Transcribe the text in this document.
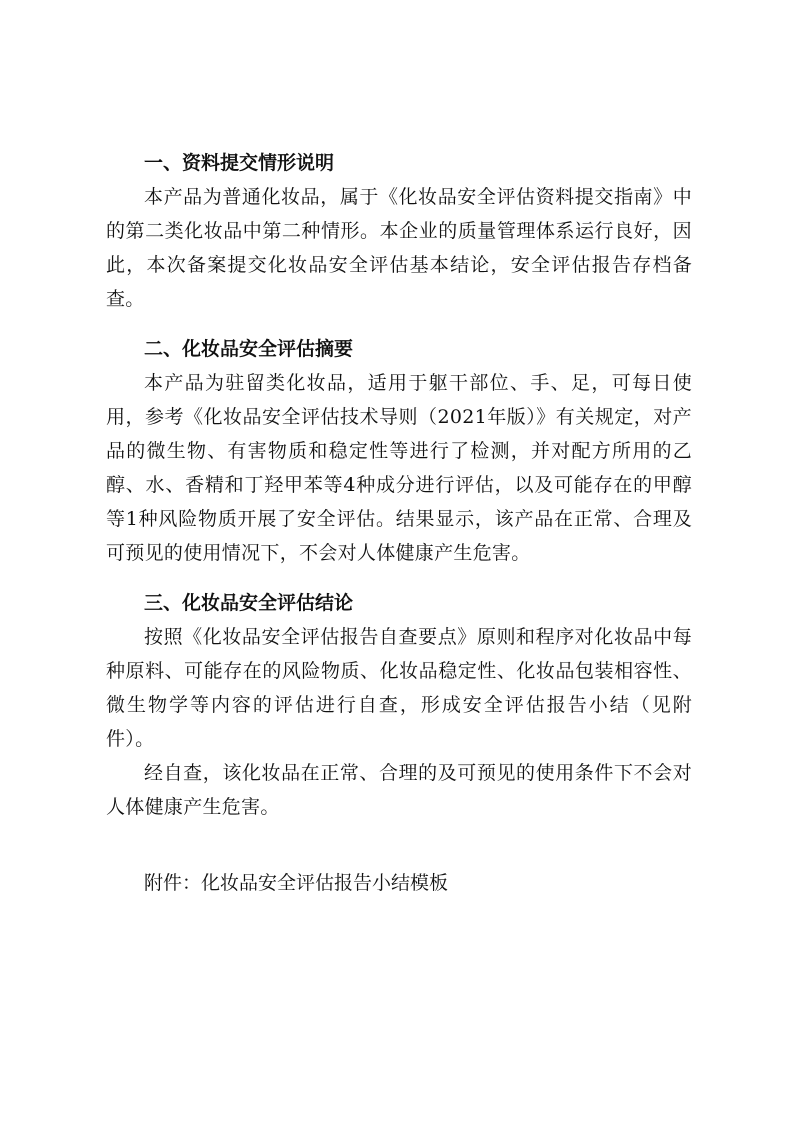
一、资料提交情形说明

本产品为普通化妆品，属于《化妆品安全评估资料提交指南》中的第二类化妆品中第二种情形。本企业的质量管理体系运行良好，因此，本次备案提交化妆品安全评估基本结论，安全评估报告存档备查。

二、化妆品安全评估摘要

本产品为驻留类化妆品，适用于躯干部位、手、足，可每日使用，参考《化妆品安全评估技术导则（2021年版）》有关规定，对产品的微生物、有害物质和稳定性等进行了检测，并对配方所用的乙醇、水、香精和丁羟甲苯等4种成分进行评估，以及可能存在的甲醇等1种风险物质开展了安全评估。结果显示，该产品在正常、合理及可预见的使用情况下，不会对人体健康产生危害。

三、化妆品安全评估结论

按照《化妆品安全评估报告自查要点》原则和程序对化妆品中每种原料、可能存在的风险物质、化妆品稳定性、化妆品包装相容性、微生物学等内容的评估进行自查，形成安全评估报告小结（见附件）。

经自查，该化妆品在正常、合理的及可预见的使用条件下不会对人体健康产生危害。

附件：化妆品安全评估报告小结模板
